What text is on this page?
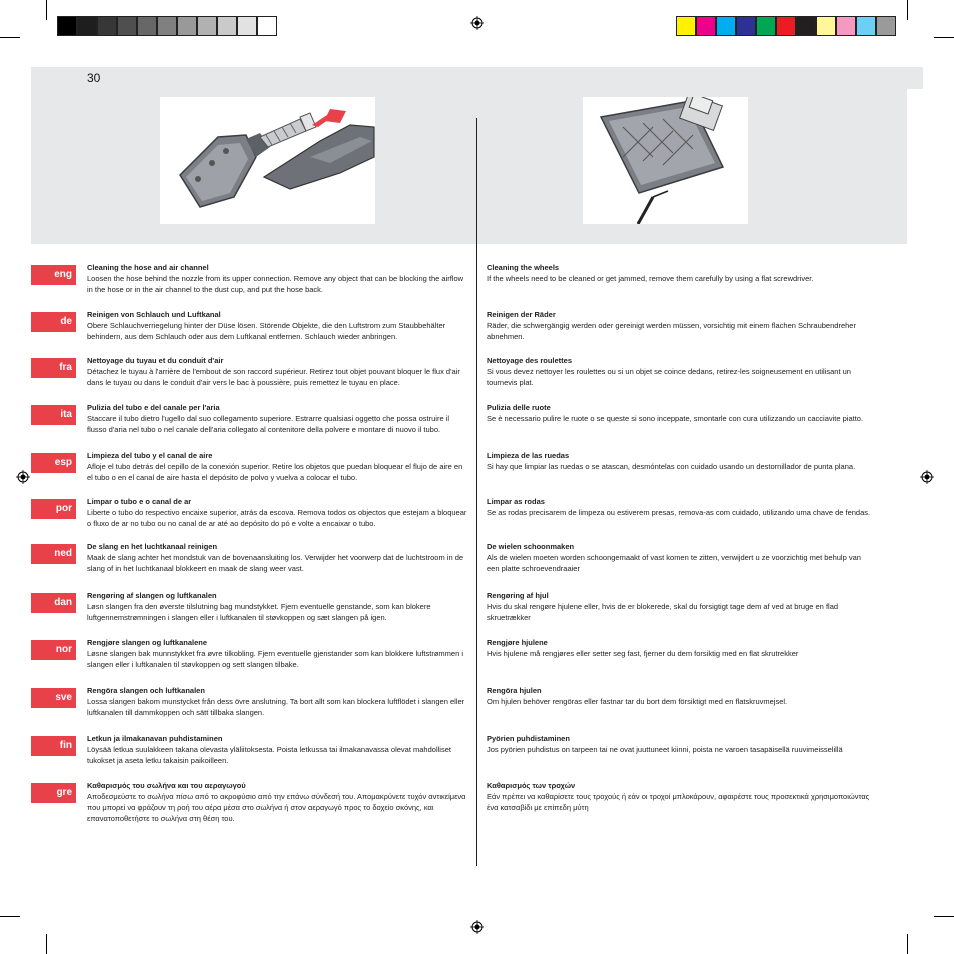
30
eng
Cleaning the hose and air channel
Loosen the hose behind the nozzle from its upper connection. Remove any object that can be blocking the airflow in the hose or in the air channel to the dust cup, and put the hose back.
de
Reinigen von Schlauch und Luftkanal
Obere Schlauchverriegelung hinter der Düse lösen. Störende Objekte, die den Luftstrom zum Staubbehälter behindern, aus dem Schlauch oder aus dem Luftkanal entfernen. Schlauch wieder anbringen.
fra
Nettoyage du tuyau et du conduit d'air
Détachez le tuyau à l'arrière de l'embout de son raccord supérieur. Retirez tout objet pouvant bloquer le flux d'air dans le tuyau ou dans le conduit d'air vers le bac à poussière, puis remettez le tuyau en place.
ita
Pulizia del tubo e del canale per l'aria
Staccare il tubo dietro l'ugello dal suo collegamento superiore. Estrarre qualsiasi oggetto che possa ostruire il flusso d'aria nel tubo o nel canale dell'aria collegato al contenitore della polvere e montare di nuovo il tubo.
esp
Limpieza del tubo y el canal de aire
Afloje el tubo detrás del cepillo de la conexión superior. Retire los objetos que puedan bloquear el flujo de aire en el tubo o en el canal de aire hasta el depósito de polvo y vuelva a colocar el tubo.
por
Limpar o tubo e o canal de ar
Liberte o tubo do respectivo encaixe superior, atrás da escova. Remova todos os objectos que estejam a bloquear o fluxo de ar no tubo ou no canal de ar até ao depósito do pó e volte a encaixar o tubo.
ned
De slang en het luchtkanaal reinigen
Maak de slang achter het mondstuk van de bovenaansluiting los. Verwijder het voorwerp dat de luchtstroom in de slang of in het luchtkanaal blokkeert en maak de slang weer vast.
dan
Rengøring af slangen og luftkanalen
Løsn slangen fra den øverste tilslutning bag mundstykket. Fjern eventuelle genstande, som kan blokere luftgennemstrømningen i slangen eller i luftkanalen til støvkoppen og sæt slangen på igen.
nor
Rengjøre slangen og luftkanalene
Løsne slangen bak munnstykket fra øvre tilkobling. Fjern eventuelle gjenstander som kan blokkere luftstrømmen i slangen eller i luftkanalen til støvkoppen og sett slangen tilbake.
sve
Rengöra slangen och luftkanalen
Lossa slangen bakom munstycket från dess övre anslutning. Ta bort allt som kan blockera luftflödet i slangen eller luftkanalen till dammkoppen och sätt tillbaka slangen.
fin
Letkun ja ilmakanavan puhdistaminen
Löysää letkua suulakkeen takana olevasta yläliitoksesta. Poista letkussa tai ilmakanavassa olevat mahdolliset tukokset ja aseta letku takaisin paikoilleen.
gre
Καθαρισμός του σωλήνα και του αεραγωγού
Αποδεσμεύστε το σωλήνα πίσω από το ακροφύσιο από την επάνω σύνδεσή του. Απομακρύνετε τυχόν αντικείμενα που μπορεί να φράζουν τη ροή του αέρα μέσα στο σωλήνα ή στον αεραγωγό προς το δοχείο σκόνης, και επανατοποθετήστε το σωλήνα στη θέση του.
Cleaning the wheels
If the wheels need to be cleaned or get jammed, remove them carefully by using a flat screwdriver.
Reinigen der Räder
Räder, die schwergängig werden oder gereinigt werden müssen, vorsichtig mit einem flachen Schraubendreher abnehmen.
Nettoyage des roulettes
Si vous devez nettoyer les roulettes ou si un objet se coince dedans, retirez-les soigneusement en utilisant un tournevis plat.
Pulizia delle ruote
Se è necessario pulire le ruote o se queste si sono inceppate, smontarle con cura utilizzando un cacciavite piatto.
Limpieza de las ruedas
Si hay que limpiar las ruedas o se atascan, desmóntelas con cuidado usando un destornillador de punta plana.
Limpar as rodas
Se as rodas precisarem de limpeza ou estiverem presas, remova-as com cuidado, utilizando uma chave de fendas.
De wielen schoonmaken
Als de wielen moeten worden schoongemaakt of vast komen te zitten, verwijdert u ze voorzichtig met behulp van een platte schroevendraaier
Rengøring af hjul
Hvis du skal rengøre hjulene eller, hvis de er blokerede, skal du forsigtigt tage dem af ved at bruge en flad skruetrækker
Rengjøre hjulene
Hvis hjulene må rengjøres eller setter seg fast, fjerner du dem forsiktig med en flat skrutrekker
Rengöra hjulen
Om hjulen behöver rengöras eller fastnar tar du bort dem försiktigt med en flatskruvmejsel.
Pyörien puhdistaminen
Jos pyörien puhdistus on tarpeen tai ne ovat juuttuneet kiinni, poista ne varoen tasapäisellä ruuvimeisselillä
Καθαρισμός των τροχών
Εάν πρέπει να καθαρίσετε τους τροχούς ή εάν οι τροχοί μπλοκάρουν, αφαιρέστε τους προσεκτικά χρησιμοποιώντας ένα κατσαβίδι με επίπεδη μύτη
